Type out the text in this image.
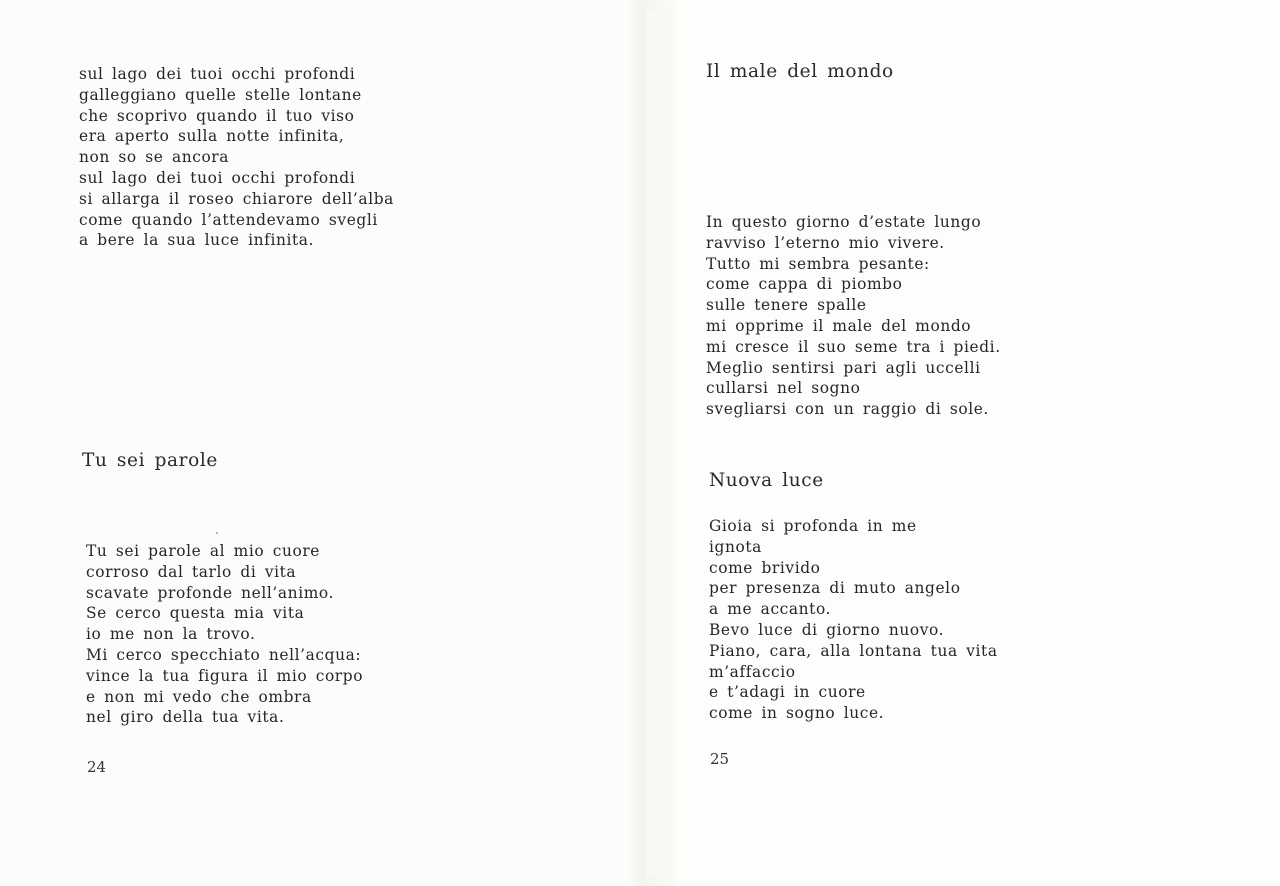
sul lago dei tuoi occhi profondi
galleggiano quelle stelle lontane
che scoprivo quando il tuo viso
era aperto sulla notte infinita,
non so se ancora
sul lago dei tuoi occhi profondi
si allarga il roseo chiarore dell’alba
come quando l’attendevamo svegli
a bere la sua luce infinita.
Tu sei parole
Tu sei parole al mio cuore
corroso dal tarlo di vita
scavate profonde nell’animo.
Se cerco questa mia vita
io me non la trovo.
Mi cerco specchiato nell’acqua:
vince la tua figura il mio corpo
e non mi vedo che ombra
nel giro della tua vita.
24
Il male del mondo
In questo giorno d’estate lungo
ravviso l’eterno mio vivere.
Tutto mi sembra pesante:
come cappa di piombo
sulle tenere spalle
mi opprime il male del mondo
mi cresce il suo seme tra i piedi.
Meglio sentirsi pari agli uccelli
cullarsi nel sogno
svegliarsi con un raggio di sole.
Nuova luce
Gioia si profonda in me
ignota
come brivido
per presenza di muto angelo
a me accanto.
Bevo luce di giorno nuovo.
Piano, cara, alla lontana tua vita
m’affaccio
e t’adagi in cuore
come in sogno luce.
25
